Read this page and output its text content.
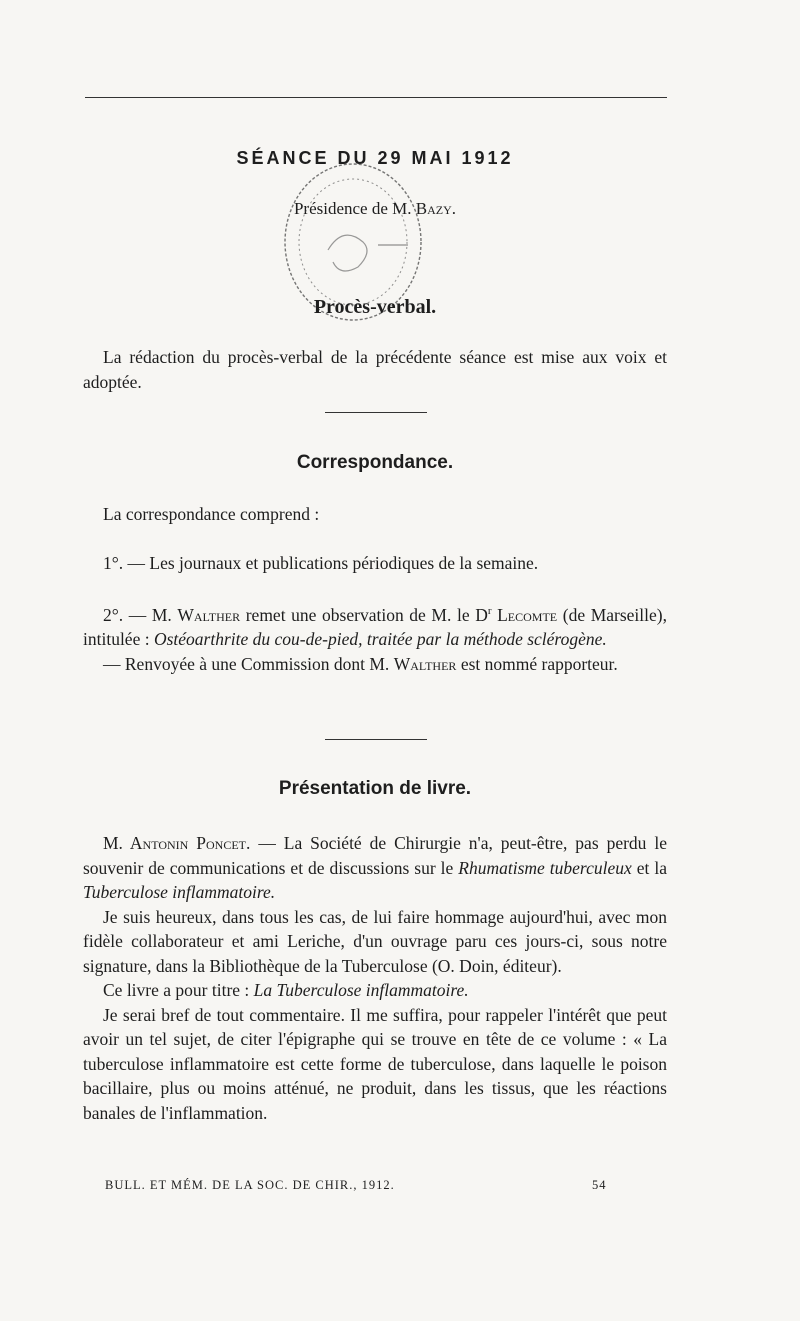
SÉANCE DU 29 MAI 1912
Présidence de M. Bazy.
Procès-verbal.

La rédaction du procès-verbal de la précédente séance est mise aux voix et adoptée.

Correspondance.

La correspondance comprend :

1°. — Les journaux et publications périodiques de la semaine.

2°. — M. Walther remet une observation de M. le $D^r$ Lecomte (de Marseille), intitulée : Ostéoarthrite du cou-de-pied, traitée par la méthode sclérogène.

— Renvoyée à une Commission dont M. Walther est nommé rapporteur.

Présentation de livre.

M. Antonin Poncet. — La Société de Chirurgie n'a, peut-être, pas perdu le souvenir de communications et de discussions sur le Rhumatisme tuberculeux et la Tuberculose inflammatoire.

Je suis heureux, dans tous les cas, de lui faire hommage aujourd'hui, avec mon fidèle collaborateur et ami Leriche, d'un ouvrage paru ces jours-ci, sous notre signature, dans la Bibliothèque de la Tuberculose (O. Doin, éditeur).

Ce livre a pour titre : La Tuberculose inflammatoire.

Je serai bref de tout commentaire. Il me suffira, pour rappeler l'intérêt que peut avoir un tel sujet, de citer l'épigraphe qui se trouve en tête de ce volume : « La tuberculose inflammatoire est cette forme de tuberculose, dans laquelle le poison bacillaire, plus ou moins atténué, ne produit, dans les tissus, que les réactions banales de l'inflammation.

BULL. ET MÉM. DE LA SOC. DE CHIR., 1912.	54
